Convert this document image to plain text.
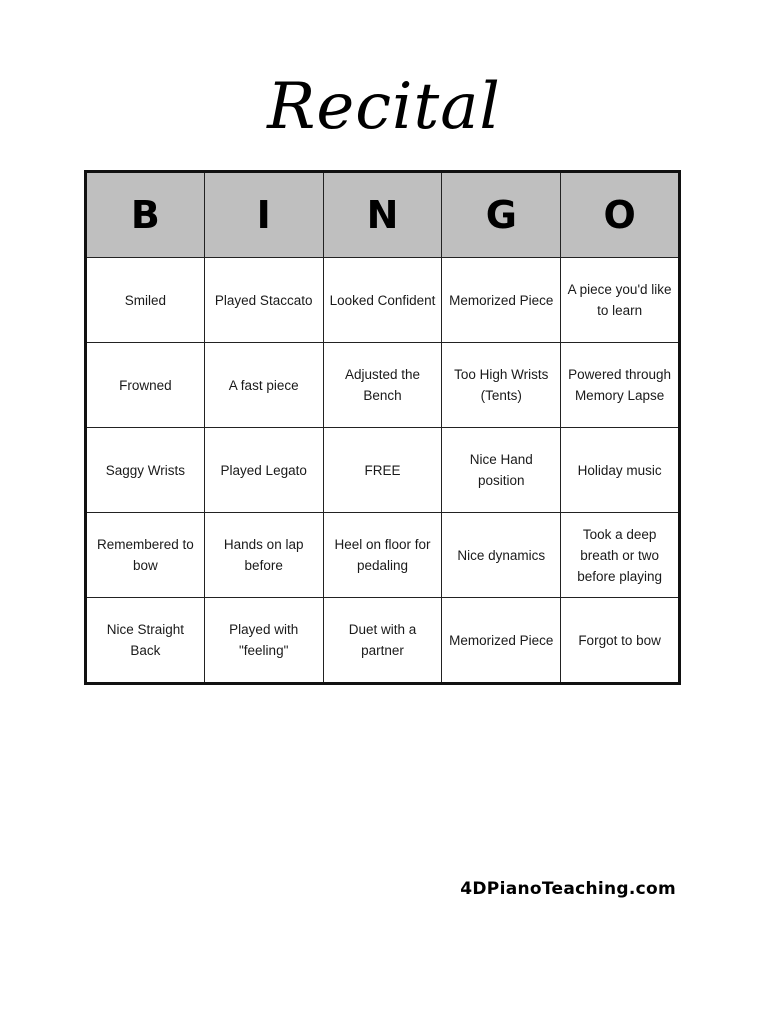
Recital
B	I	N	G	O
Smiled	Played Staccato	Looked Confident	Memorized Piece	A piece you'd like to learn
Frowned	A fast piece	Adjusted the Bench	Too High Wrists (Tents)	Powered through Memory Lapse
Saggy Wrists	Played Legato	FREE	Nice Hand position	Holiday music
Remembered to bow	Hands on lap before	Heel on floor for pedaling	Nice dynamics	Took a deep breath or two before playing
Nice Straight Back	Played with "feeling"	Duet with a partner	Memorized Piece	Forgot to bow
4DPianoTeaching.com
